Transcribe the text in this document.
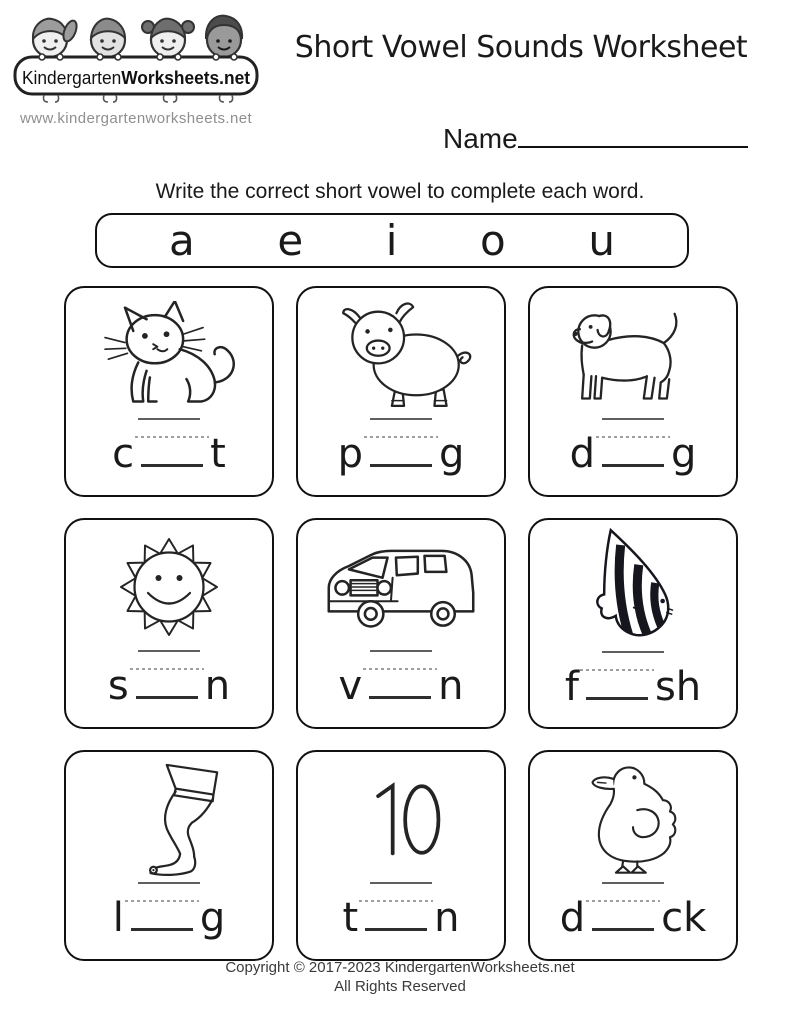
KindergartenWorksheets.net
www.kindergartenworksheets.net
Short Vowel Sounds Worksheet
Name
Write the correct short vowel to complete each word.
a e i o u
c t	p g	d g
s n	v n	f sh
l g	t n	d ck
Copyright © 2017-2023 KindergartenWorksheets.net
All Rights Reserved
